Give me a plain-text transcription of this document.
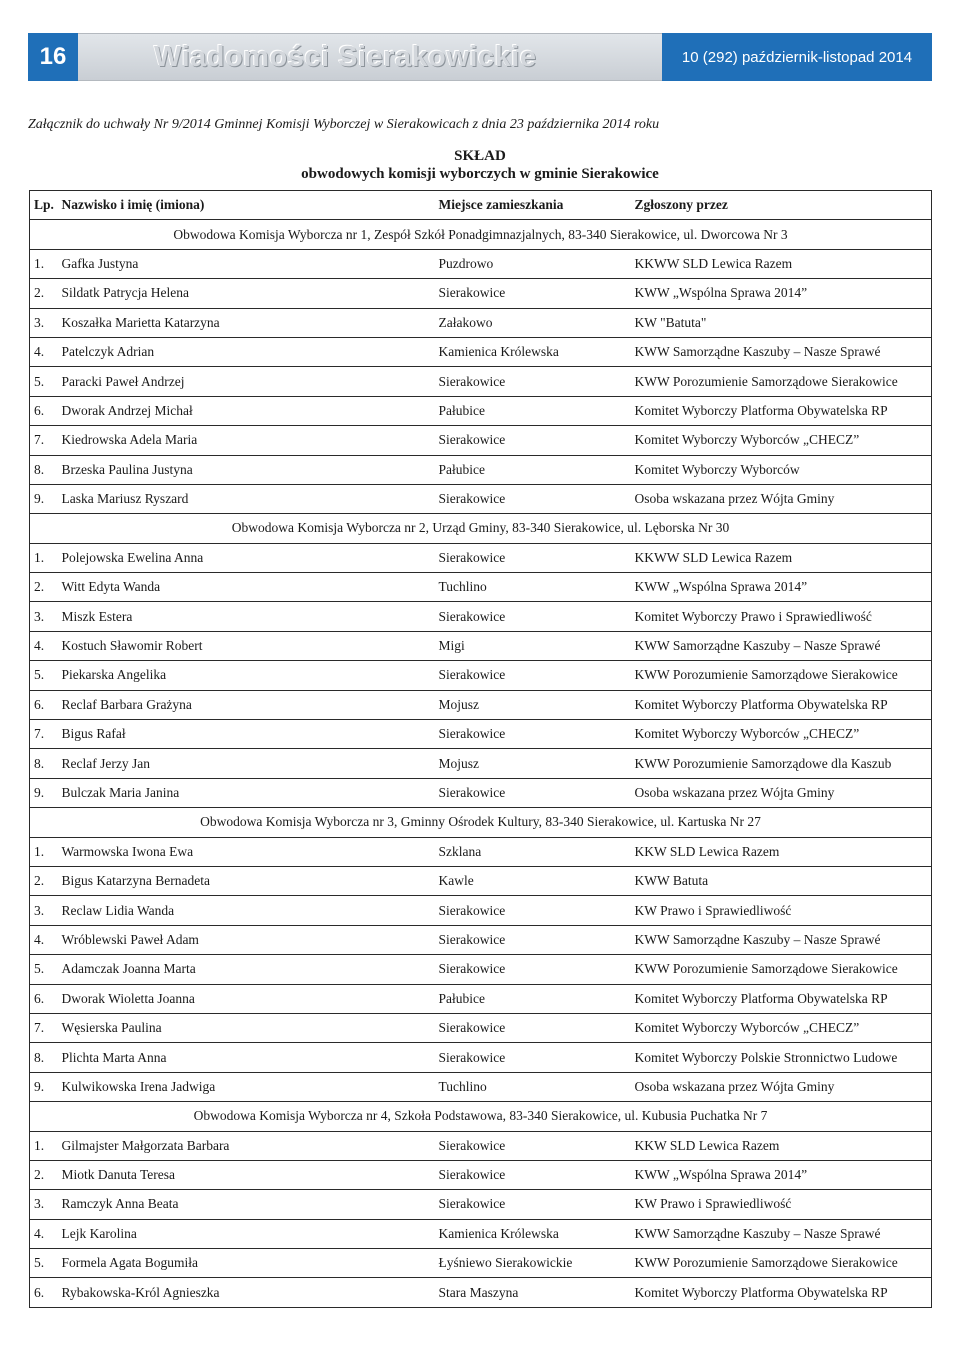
16	Wiadomości Sierakowickie	10 (292) październik-listopad 2014
Załącznik do uchwały Nr 9/2014 Gminnej Komisji Wyborczej w Sierakowicach z dnia 23 października 2014 roku
SKŁAD
obwodowych komisji wyborczych w gminie Sierakowice
Lp.	Nazwisko i imię (imiona)	Miejsce zamieszkania	Zgłoszony przez
Obwodowa Komisja Wyborcza nr 1, Zespół Szkół Ponadgimnazjalnych, 83-340 Sierakowice, ul. Dworcowa Nr 3			
1.	Gafka Justyna	Puzdrowo	KKWW SLD Lewica Razem
2.	Sildatk Patrycja Helena	Sierakowice	KWW „Wspólna Sprawa 2014”
3.	Koszałka Marietta Katarzyna	Załakowo	KW "Batuta"
4.	Patelczyk Adrian	Kamienica Królewska	KWW Samorządne Kaszuby – Nasze Sprawé
5.	Paracki Paweł Andrzej	Sierakowice	KWW Porozumienie Samorządowe Sierakowice
6.	Dworak Andrzej Michał	Pałubice	Komitet Wyborczy Platforma Obywatelska RP
7.	Kiedrowska Adela Maria	Sierakowice	Komitet Wyborczy Wyborców „CHECZ”
8.	Brzeska Paulina Justyna	Pałubice	Komitet Wyborczy Wyborców
9.	Laska Mariusz Ryszard	Sierakowice	Osoba wskazana przez Wójta Gminy
Obwodowa Komisja Wyborcza nr 2, Urząd Gminy, 83-340 Sierakowice, ul. Lęborska Nr 30			
1.	Polejowska Ewelina Anna	Sierakowice	KKWW SLD Lewica Razem
2.	Witt Edyta Wanda	Tuchlino	KWW „Wspólna Sprawa 2014”
3.	Miszk Estera	Sierakowice	Komitet Wyborczy Prawo i Sprawiedliwość
4.	Kostuch Sławomir Robert	Migi	KWW Samorządne Kaszuby – Nasze Sprawé
5.	Piekarska Angelika	Sierakowice	KWW Porozumienie Samorządowe Sierakowice
6.	Reclaf Barbara Grażyna	Mojusz	Komitet Wyborczy Platforma Obywatelska RP
7.	Bigus Rafał	Sierakowice	Komitet Wyborczy Wyborców „CHECZ”
8.	Reclaf Jerzy Jan	Mojusz	KWW Porozumienie Samorządowe dla Kaszub
9.	Bulczak Maria Janina	Sierakowice	Osoba wskazana przez Wójta Gminy
Obwodowa Komisja Wyborcza nr 3, Gminny Ośrodek Kultury, 83-340 Sierakowice, ul. Kartuska Nr 27			
1.	Warmowska Iwona Ewa	Szklana	KKW SLD Lewica Razem
2.	Bigus Katarzyna Bernadeta	Kawle	KWW Batuta
3.	Reclaw Lidia Wanda	Sierakowice	KW Prawo i Sprawiedliwość
4.	Wróblewski Paweł Adam	Sierakowice	KWW Samorządne Kaszuby – Nasze Sprawé
5.	Adamczak Joanna Marta	Sierakowice	KWW Porozumienie Samorządowe Sierakowice
6.	Dworak Wioletta Joanna	Pałubice	Komitet Wyborczy Platforma Obywatelska RP
7.	Węsierska Paulina	Sierakowice	Komitet Wyborczy Wyborców „CHECZ”
8.	Plichta Marta Anna	Sierakowice	Komitet Wyborczy Polskie Stronnictwo Ludowe
9.	Kulwikowska Irena Jadwiga	Tuchlino	Osoba wskazana przez Wójta Gminy
Obwodowa Komisja Wyborcza nr 4, Szkoła Podstawowa, 83-340 Sierakowice, ul. Kubusia Puchatka Nr 7			
1.	Gilmajster Małgorzata Barbara	Sierakowice	KKW SLD Lewica Razem
2.	Miotk Danuta Teresa	Sierakowice	KWW „Wspólna Sprawa 2014”
3.	Ramczyk Anna Beata	Sierakowice	KW Prawo i Sprawiedliwość
4.	Lejk Karolina	Kamienica Królewska	KWW Samorządne Kaszuby – Nasze Sprawé
5.	Formela Agata Bogumiła	Łyśniewo Sierakowickie	KWW Porozumienie Samorządowe Sierakowice
6.	Rybakowska-Król Agnieszka	Stara Maszyna	Komitet Wyborczy Platforma Obywatelska RP
